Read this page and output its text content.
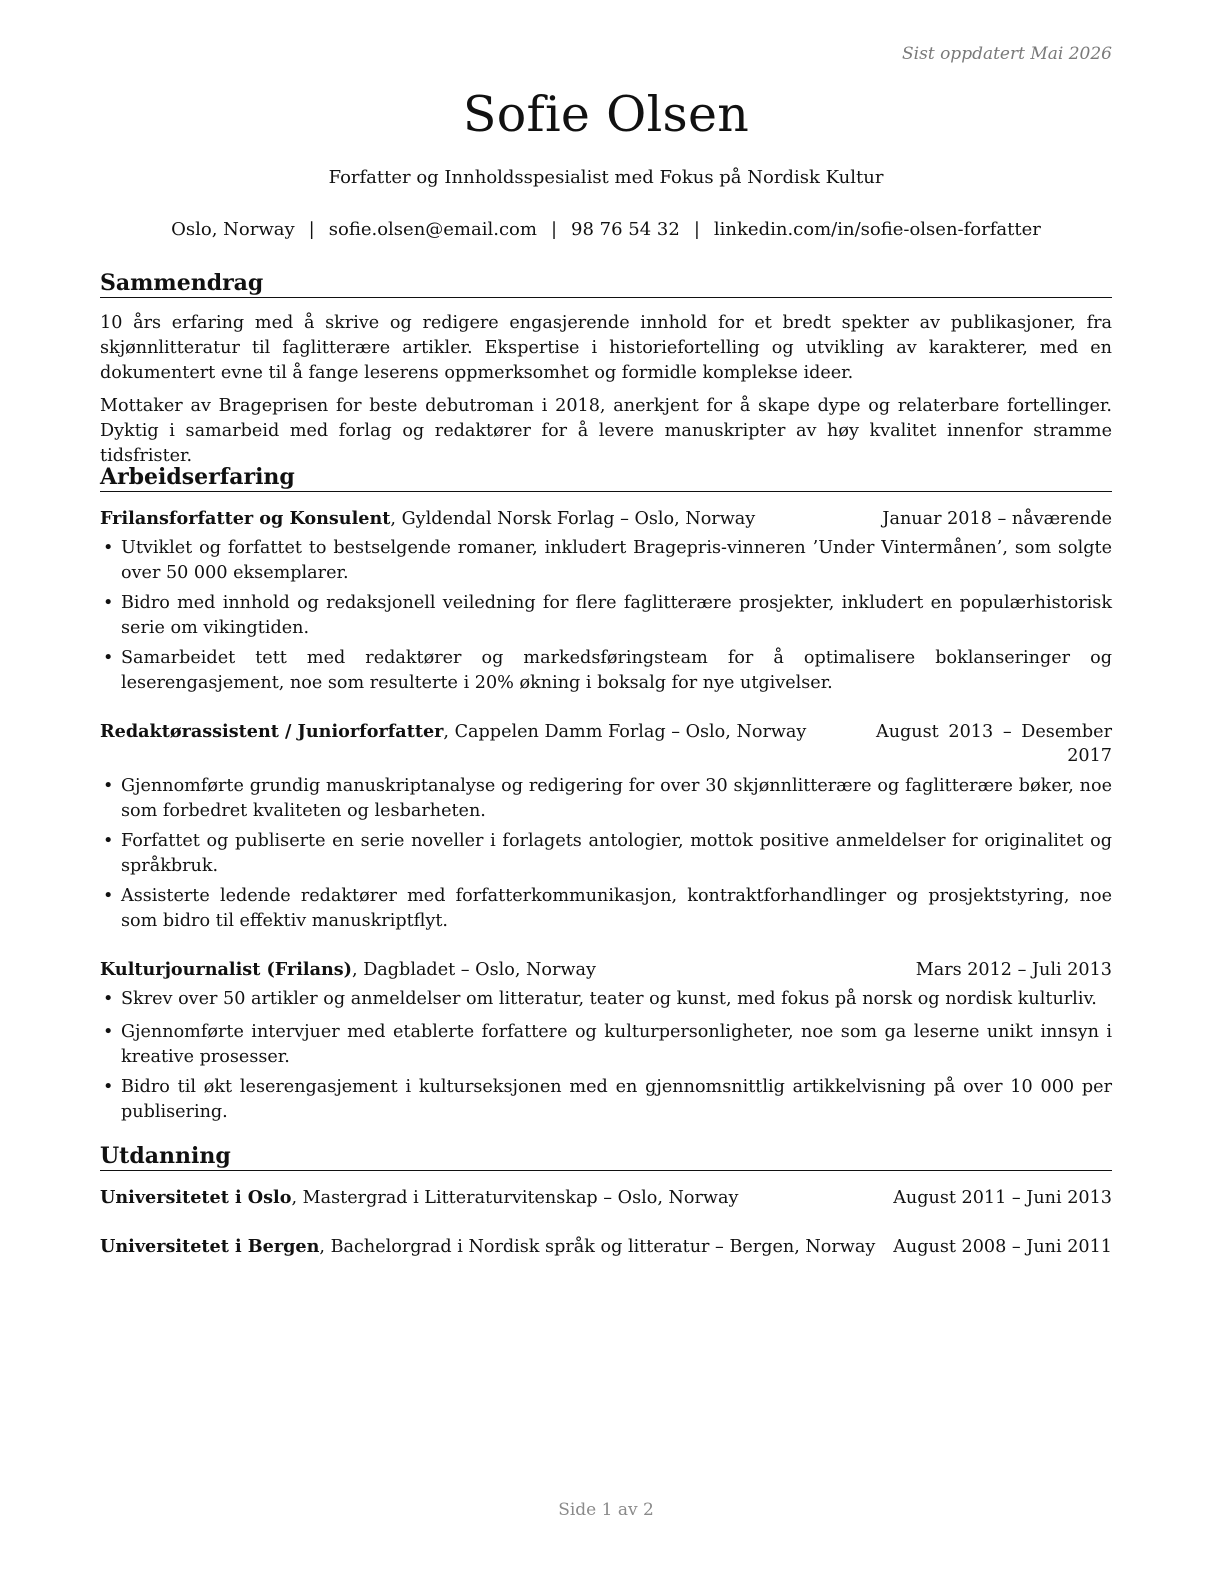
Sist oppdatert Mai 2026
Sofie Olsen
Forfatter og Innholdsspesialist med Fokus på Nordisk Kultur
Oslo, Norway | sofie.olsen@email.com | 98 76 54 32 | linkedin.com/in/sofie-olsen-forfatter
Sammendrag

10 års erfaring med å skrive og redigere engasjerende innhold for et bredt spekter av publikasjoner, fra skjønnlitteratur til faglitterære artikler. Ekspertise i historiefortelling og utvikling av karakterer, med en dokumentert evne til å fange leserens oppmerksomhet og formidle komplekse ideer.

Mottaker av Brageprisen for beste debutroman i 2018, anerkjent for å skape dype og relaterbare fortellinger. Dyktig i samarbeid med forlag og redaktører for å levere manuskripter av høy kvalitet innenfor stramme tidsfrister.

Arbeidserfaring
Frilansforfatter og Konsulent, Gyldendal Norsk Forlag – Oslo, Norway	Januar 2018 – nåværende
• Utviklet og forfattet to bestselgende romaner, inkludert Bragepris-vinneren ’Under Vintermånen’, som solgte over 50 000 eksemplarer.
• Bidro med innhold og redaksjonell veiledning for flere faglitterære prosjekter, inkludert en populærhistorisk serie om vikingtiden.
• Samarbeidet tett med redaktører og markedsføringsteam for å optimalisere boklanseringer og leserengasjement, noe som resulterte i 20% økning i boksalg for nye utgivelser.
Redaktørassistent / Juniorforfatter, Cappelen Damm Forlag – Oslo, Norway	August 2013 – Desember 2017
• Gjennomførte grundig manuskriptanalyse og redigering for over 30 skjønnlitterære og faglitterære bøker, noe som forbedret kvaliteten og lesbarheten.
• Forfattet og publiserte en serie noveller i forlagets antologier, mottok positive anmeldelser for originalitet og språkbruk.
• Assisterte ledende redaktører med forfatterkommunikasjon, kontraktforhandlinger og prosjektstyring, noe som bidro til effektiv manuskriptflyt.
Kulturjournalist (Frilans), Dagbladet – Oslo, Norway	Mars 2012 – Juli 2013
• Skrev over 50 artikler og anmeldelser om litteratur, teater og kunst, med fokus på norsk og nordisk kulturliv.
• Gjennomførte intervjuer med etablerte forfattere og kulturpersonligheter, noe som ga leserne unikt innsyn i kreative prosesser.
• Bidro til økt leserengasjement i kulturseksjonen med en gjennomsnittlig artikkelvisning på over 10 000 per publisering.
Utdanning
Universitetet i Oslo, Mastergrad i Litteraturvitenskap – Oslo, Norway	August 2011 – Juni 2013
Universitetet i Bergen, Bachelorgrad i Nordisk språk og litteratur – Bergen, Norway August 2008 – Juni 2011
Side 1 av 2
